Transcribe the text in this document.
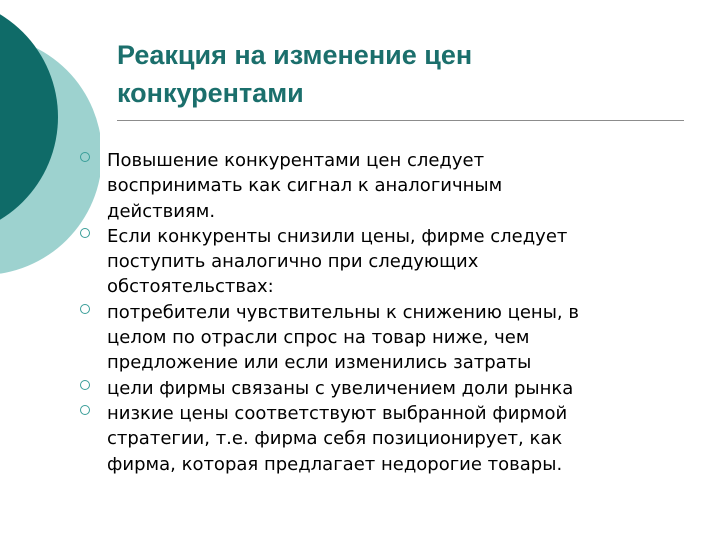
Реакция на изменение цен
конкурентами
Повышение конкурентами цен следует
воспринимать как сигнал к аналогичным
действиям.
Если конкуренты снизили цены, фирме следует
поступить аналогично при следующих
обстоятельствах:
потребители чувствительны к снижению цены, в
целом по отрасли спрос на товар ниже, чем
предложение или если изменились затраты
цели фирмы связаны с увеличением доли рынка
низкие цены соответствуют выбранной фирмой
стратегии, т.е. фирма себя позиционирует, как
фирма, которая предлагает недорогие товары.
